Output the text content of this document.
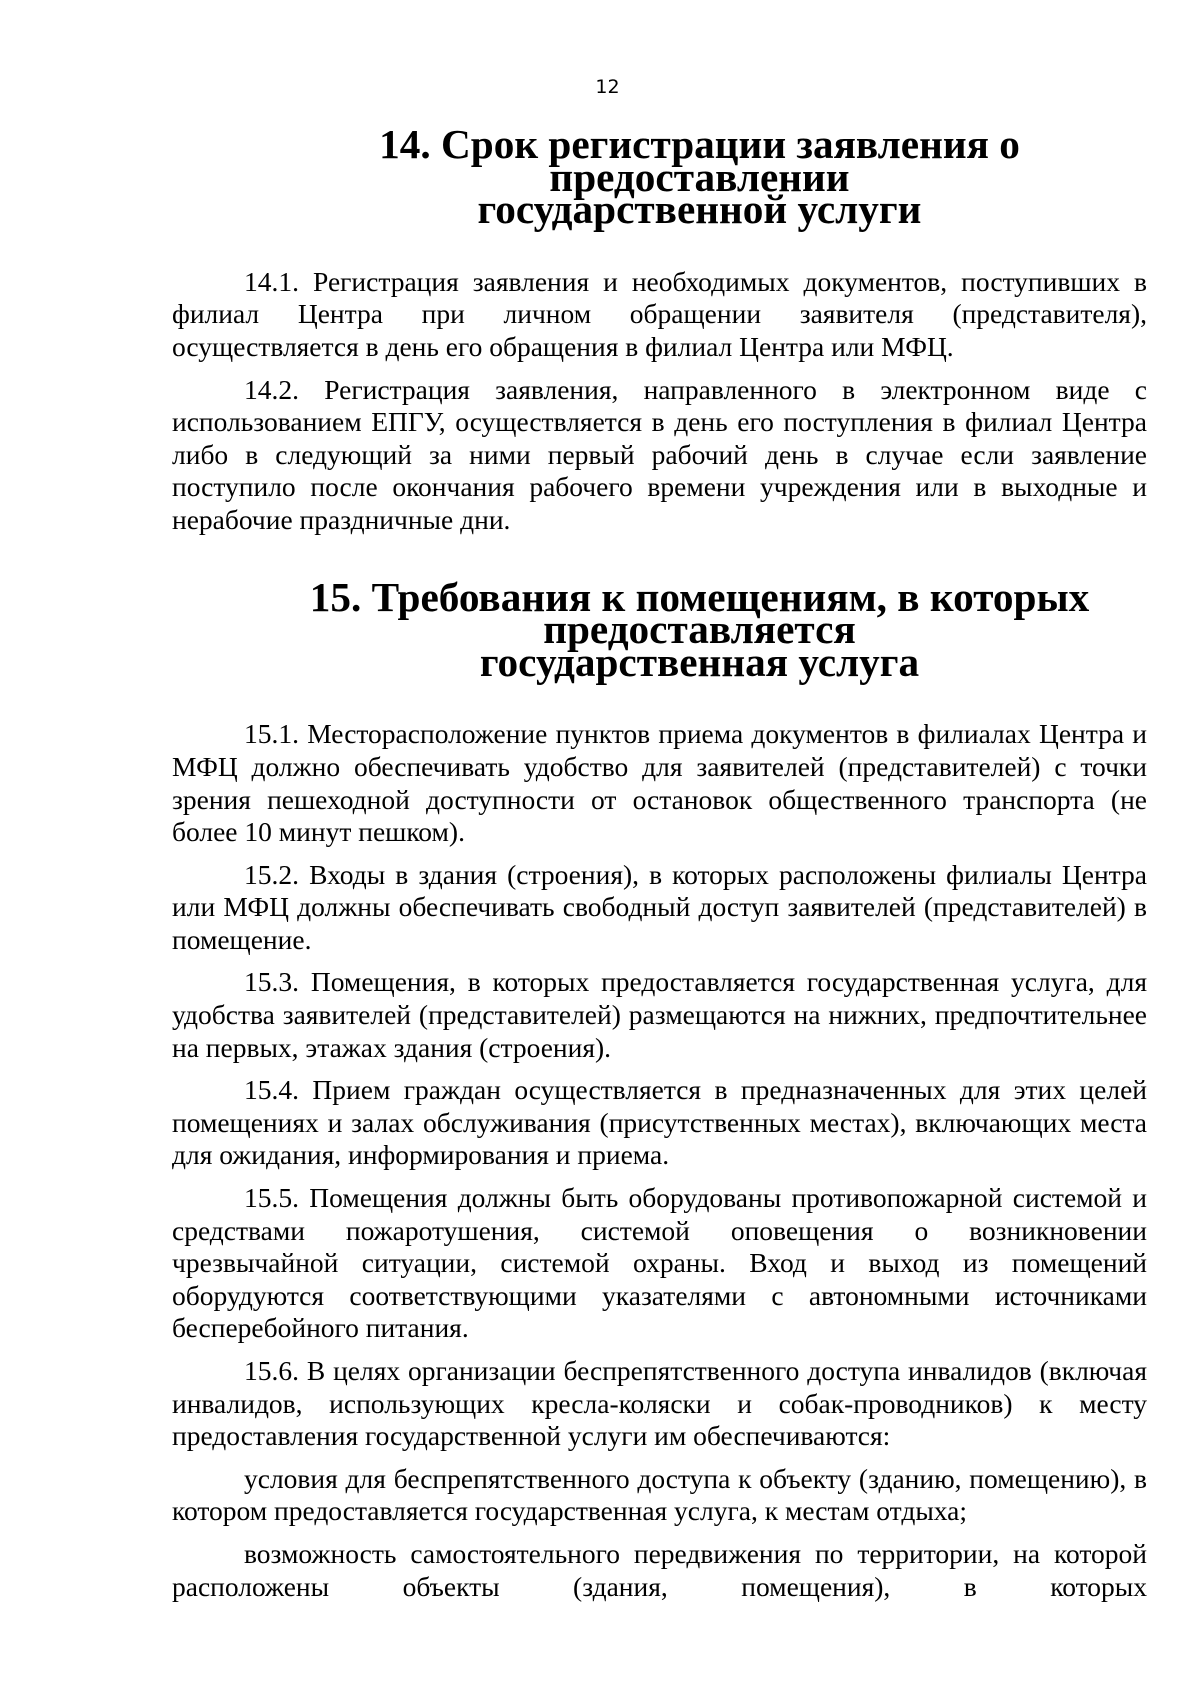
12
14. Срок регистрации заявления о предоставлении
государственной услуги

14.1. Регистрация заявления и необходимых документов, поступивших в филиал Центра при личном обращении заявителя (представителя), осуществляется в день его обращения в филиал Центра или МФЦ.

14.2. Регистрация заявления, направленного в электронном виде с использованием ЕПГУ, осуществляется в день его поступления в филиал Центра либо в следующий за ними первый рабочий день в случае если заявление поступило после окончания рабочего времени учреждения или в выходные и нерабочие праздничные дни.

15. Требования к помещениям, в которых предоставляется
государственная услуга

15.1. Месторасположение пунктов приема документов в филиалах Центра и МФЦ должно обеспечивать удобство для заявителей (представителей) с точки зрения пешеходной доступности от остановок общественного транспорта (не более 10 минут пешком).

15.2. Входы в здания (строения), в которых расположены филиалы Центра или МФЦ должны обеспечивать свободный доступ заявителей (представителей) в помещение.

15.3. Помещения, в которых предоставляется государственная услуга, для удобства заявителей (представителей) размещаются на нижних, предпочтительнее на первых, этажах здания (строения).

15.4. Прием граждан осуществляется в предназначенных для этих целей помещениях и залах обслуживания (присутственных местах), включающих места для ожидания, информирования и приема.

15.5. Помещения должны быть оборудованы противопожарной системой и средствами пожаротушения, системой оповещения о возникновении чрезвычайной ситуации, системой охраны. Вход и выход из помещений оборудуются соответствующими указателями с автономными источниками бесперебойного питания.

15.6. В целях организации беспрепятственного доступа инвалидов (включая инвалидов, использующих кресла-коляски и собак-проводников) к месту предоставления государственной услуги им обеспечиваются:

условия для беспрепятственного доступа к объекту (зданию, помещению), в котором предоставляется государственная услуга, к местам отдыха;

возможность самостоятельного передвижения по территории, на которой расположены объекты (здания, помещения), в которых
